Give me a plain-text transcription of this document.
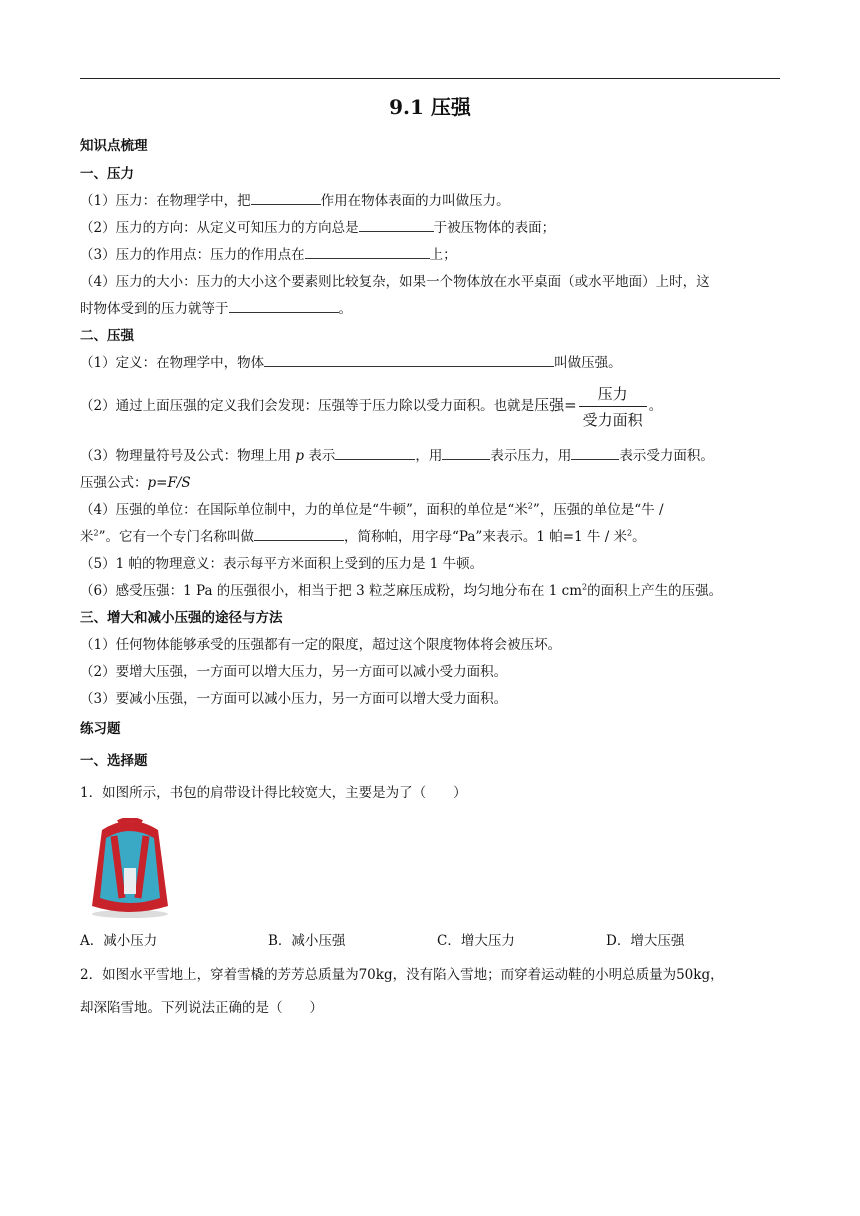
9.1 压强
知识点梳理
一、压力
（1）压力：在物理学中，把	作用在物体表面的力叫做压力。
（2）压力的方向：从定义可知压力的方向总是	于被压物体的表面；
（3）压力的作用点：压力的作用点在	上；
（4）压力的大小：压力的大小这个要素则比较复杂，如果一个物体放在水平桌面（或水平地面）上时，这
时物体受到的压力就等于	。
二、压强
（1）定义：在物理学中，物体	叫做压强。
（2）通过上面压强的定义我们会发现：压强等于压力除以受力面积。也就是压强= $\frac{\text{压力}}{\text{受力面积}}$ 。
（3）物理量符号及公式：物理上用 p 表示	，用	表示压力，用	表示受力面积。
压强公式：p=F/S
（4）压强的单位：在国际单位制中，力的单位是“牛顿”，面积的单位是“米$^2$”，压强的单位是“牛 /
米$^2$”。它有一个专门名称叫做	，简称帕，用字母“Pa”来表示。1 帕=1 牛 / 米$^2$。
（5）1 帕的物理意义：表示每平方米面积上受到的压力是 1 牛顿。
（6）感受压强：1 Pa 的压强很小，相当于把 3 粒芝麻压成粉，均匀地分布在 1 $cm^2$的面积上产生的压强。
三、增大和减小压强的途径与方法
（1）任何物体能够承受的压强都有一定的限度，超过这个限度物体将会被压坏。
（2）要增大压强，一方面可以增大压力，另一方面可以减小受力面积。
（3）要减小压强，一方面可以减小压力，另一方面可以增大受力面积。
练习题
一、选择题
1．如图所示，书包的肩带设计得比较宽大，主要是为了（　　）
A．减小压力	B．减小压强	C．增大压力	D．增大压强
2．如图水平雪地上，穿着雪橇的芳芳总质量为70kg，没有陷入雪地；而穿着运动鞋的小明总质量为50kg，
却深陷雪地。下列说法正确的是（　　）
